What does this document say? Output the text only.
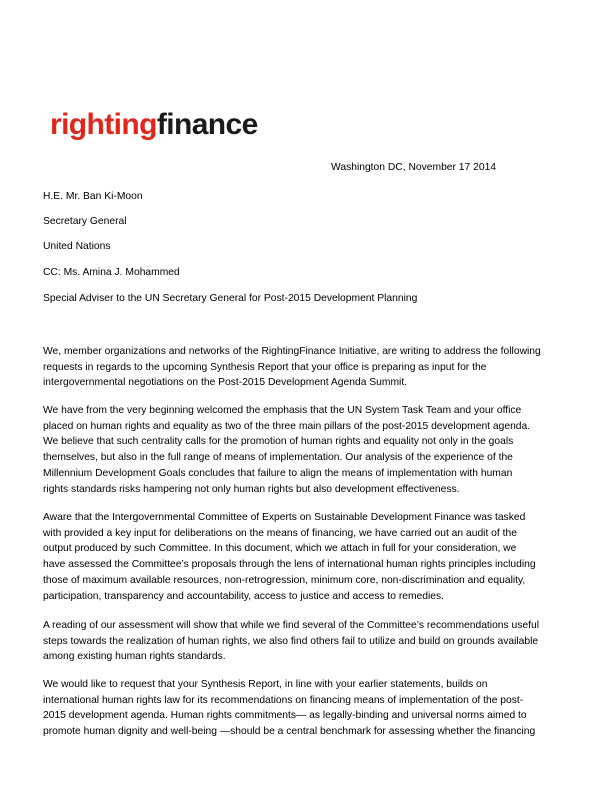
rightingfinance
Washington DC, November 17 2014
H.E. Mr. Ban Ki-Moon
Secretary General
United Nations
CC: Ms. Amina J. Mohammed
Special Adviser to the UN Secretary General for Post-2015 Development Planning
We, member organizations and networks of the RightingFinance Initiative, are writing to address the following
requests in regards to the upcoming Synthesis Report that your office is preparing as input for the
intergovernmental negotiations on the Post-2015 Development Agenda Summit.
We have from the very beginning welcomed the emphasis that the UN System Task Team and your office
placed on human rights and equality as two of the three main pillars of the post-2015 development agenda.
We believe that such centrality calls for the promotion of human rights and equality not only in the goals
themselves, but also in the full range of means of implementation. Our analysis of the experience of the
Millennium Development Goals concludes that failure to align the means of implementation with human
rights standards risks hampering not only human rights but also development effectiveness.
Aware that the Intergovernmental Committee of Experts on Sustainable Development Finance was tasked
with provided a key input for deliberations on the means of financing, we have carried out an audit of the
output produced by such Committee. In this document, which we attach in full for your consideration, we
have assessed the Committee’s proposals through the lens of international human rights principles including
those of maximum available resources, non-retrogression, minimum core, non-discrimination and equality,
participation, transparency and accountability, access to justice and access to remedies.
A reading of our assessment will show that while we find several of the Committee’s recommendations useful
steps towards the realization of human rights, we also find others fail to utilize and build on grounds available
among existing human rights standards.
We would like to request that your Synthesis Report, in line with your earlier statements, builds on
international human rights law for its recommendations on financing means of implementation of the post-
2015 development agenda. Human rights commitments— as legally-binding and universal norms aimed to
promote human dignity and well-being —should be a central benchmark for assessing whether the financing
